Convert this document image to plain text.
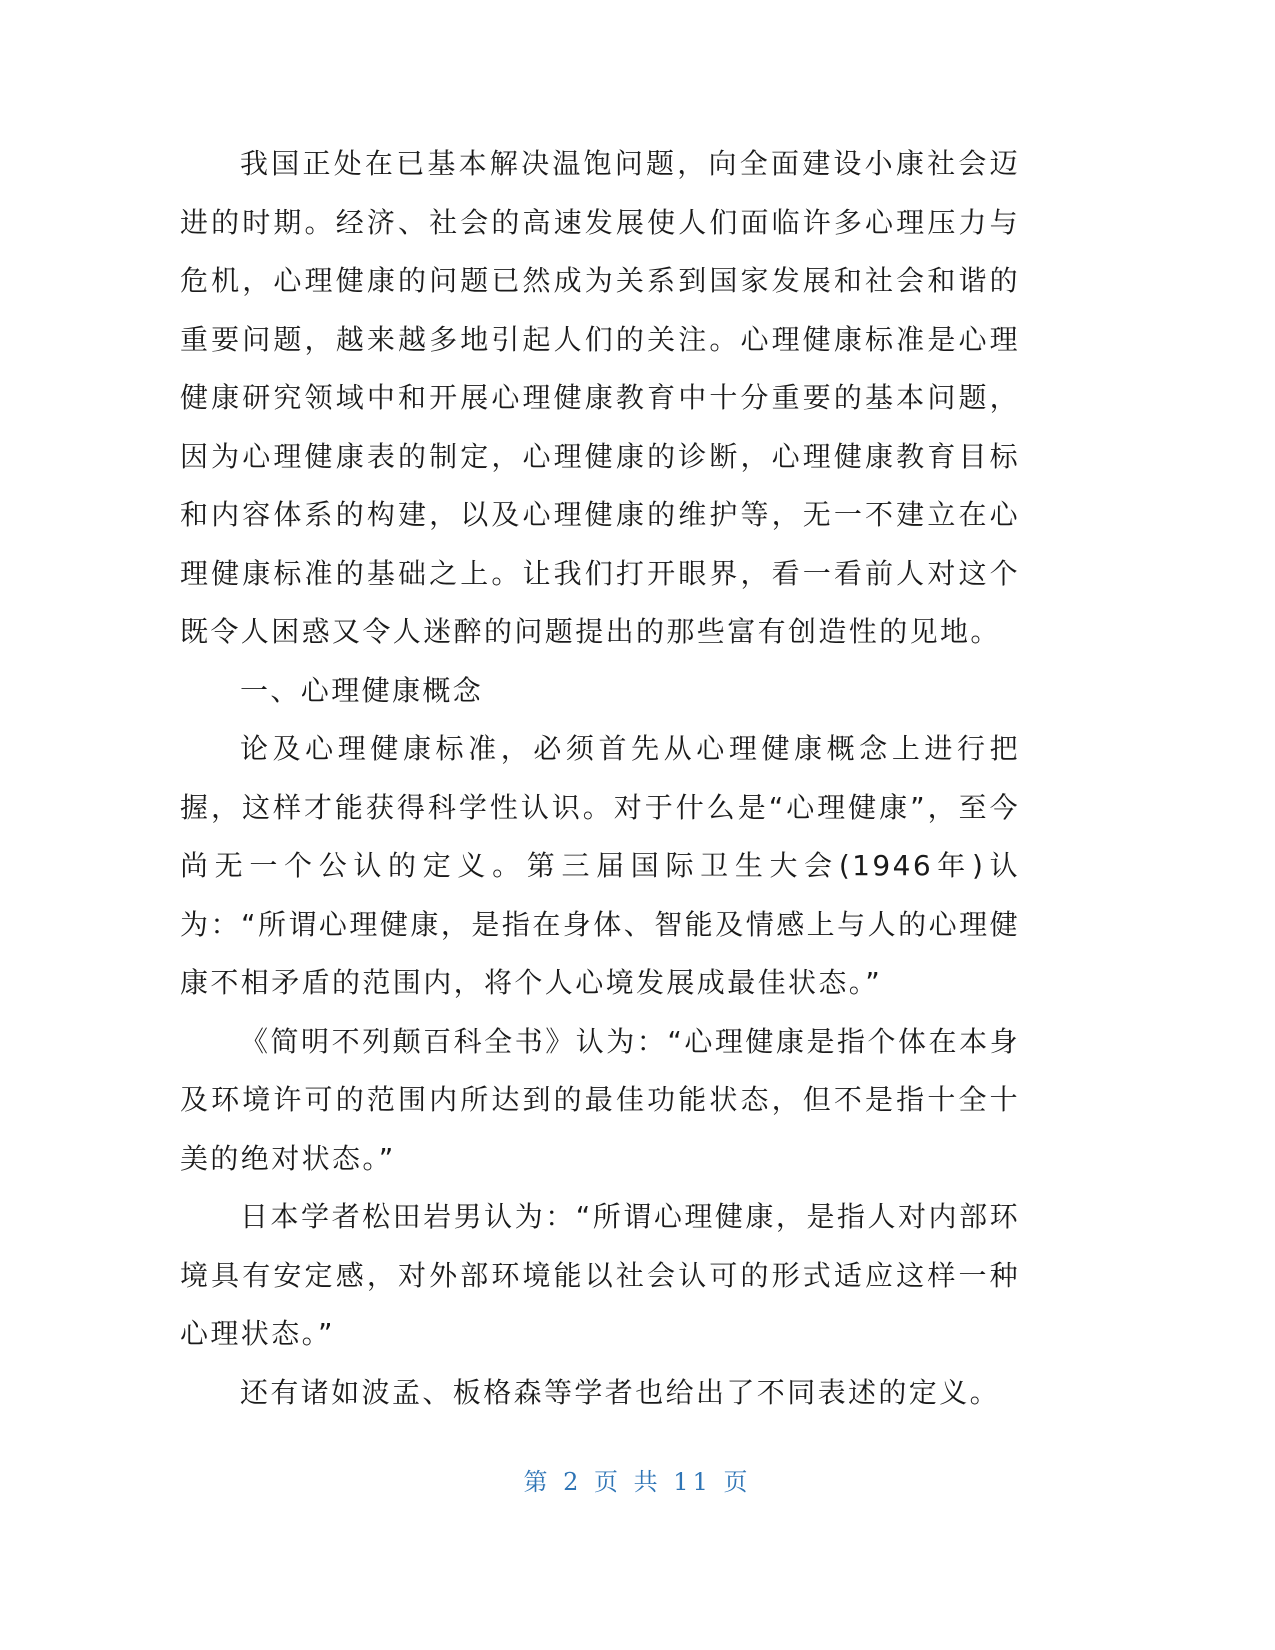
我国正处在已基本解决温饱问题，向全面建设小康社会迈进的时期。经济、社会的高速发展使人们面临许多心理压力与危机，心理健康的问题已然成为关系到国家发展和社会和谐的重要问题，越来越多地引起人们的关注。心理健康标准是心理健康研究领域中和开展心理健康教育中十分重要的基本问题，因为心理健康表的制定，心理健康的诊断，心理健康教育目标和内容体系的构建，以及心理健康的维护等，无一不建立在心理健康标准的基础之上。让我们打开眼界，看一看前人对这个既令人困惑又令人迷醉的问题提出的那些富有创造性的见地。

一、心理健康概念

论及心理健康标准，必须首先从心理健康概念上进行把握，这样才能获得科学性认识。对于什么是“心理健康”，至今尚无一个公认的定义。第三届国际卫生大会(1946年)认为：“所谓心理健康，是指在身体、智能及情感上与人的心理健康不相矛盾的范围内，将个人心境发展成最佳状态。”

《简明不列颠百科全书》认为：“心理健康是指个体在本身及环境许可的范围内所达到的最佳功能状态，但不是指十全十美的绝对状态。”

日本学者松田岩男认为：“所谓心理健康，是指人对内部环境具有安定感，对外部环境能以社会认可的形式适应这样一种心理状态。”

还有诸如波孟、板格森等学者也给出了不同表述的定义。

第 2 页 共 11 页
